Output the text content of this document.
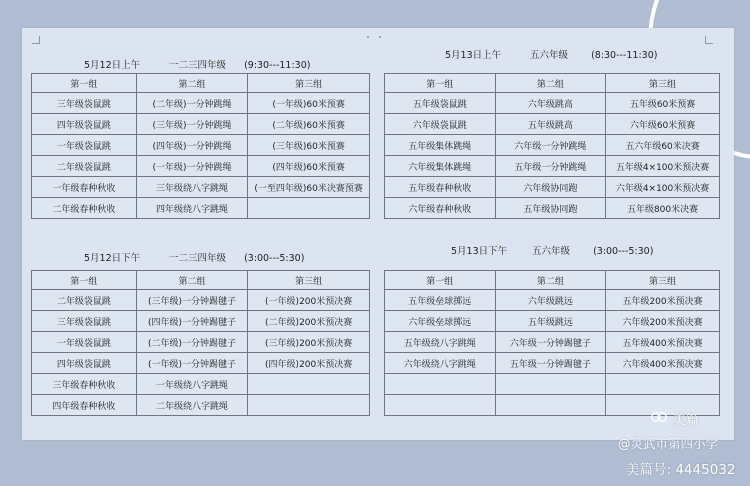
5月12日上午	一二三四年级 (9:30---11:30)
第一组	第二组	第三组
三年级袋鼠跳	(二年级)一分钟跳绳	(一年级)60米预赛
四年级袋鼠跳	(三年级)一分钟跳绳	(二年级)60米预赛
一年级袋鼠跳	(四年级)一分钟跳绳	(三年级)60米预赛
二年级袋鼠跳	(一年级)一分钟跳绳	(四年级)60米预赛
一年级春种秋收	三年级绕八字跳绳	(一至四年级)60米决赛预赛
二年级春种秋收	四年级绕八字跳绳	
5月13日上午	五六年级 (8:30---11:30)
第一组	第二组	第三组
五年级袋鼠跳	六年级跳高	五年级60米预赛
六年级袋鼠跳	五年级跳高	六年级60米预赛
五年级集体跳绳	六年级一分钟跳绳	五六年级60米决赛
六年级集体跳绳	五年级一分钟跳绳	五年级4×100米预决赛
五年级春种秋收	六年级协同跑	六年级4×100米预决赛
六年级春种秋收	五年级协同跑	五年级800米决赛
5月12日下午	一二三四年级 (3:00---5:30)
第一组	第二组	第三组
二年级袋鼠跳	(三年级)一分钟踢毽子	(一年级)200米预决赛
三年级袋鼠跳	(四年级)一分钟踢毽子	(二年级)200米预决赛
一年级袋鼠跳	(二年级)一分钟踢毽子	(三年级)200米预决赛
四年级袋鼠跳	(一年级)一分钟踢毽子	(四年级)200米预决赛
三年级春种秋收	一年级绕八字跳绳	
四年级春种秋收	二年级绕八字跳绳	
5月13日下午	五六年级 (3:00---5:30)
第一组	第二组	第三组
五年级垒球掷远	六年级跳远	五年级200米预决赛
六年级垒球掷远	五年级跳远	六年级200米预决赛
五年级绕八字跳绳	六年级一分钟踢毽子	五年级400米预决赛
六年级绕八字跳绳	五年级一分钟踢毽子	六年级400米预决赛

美篇
@灵武市第四小学
美篇号: 4445032
